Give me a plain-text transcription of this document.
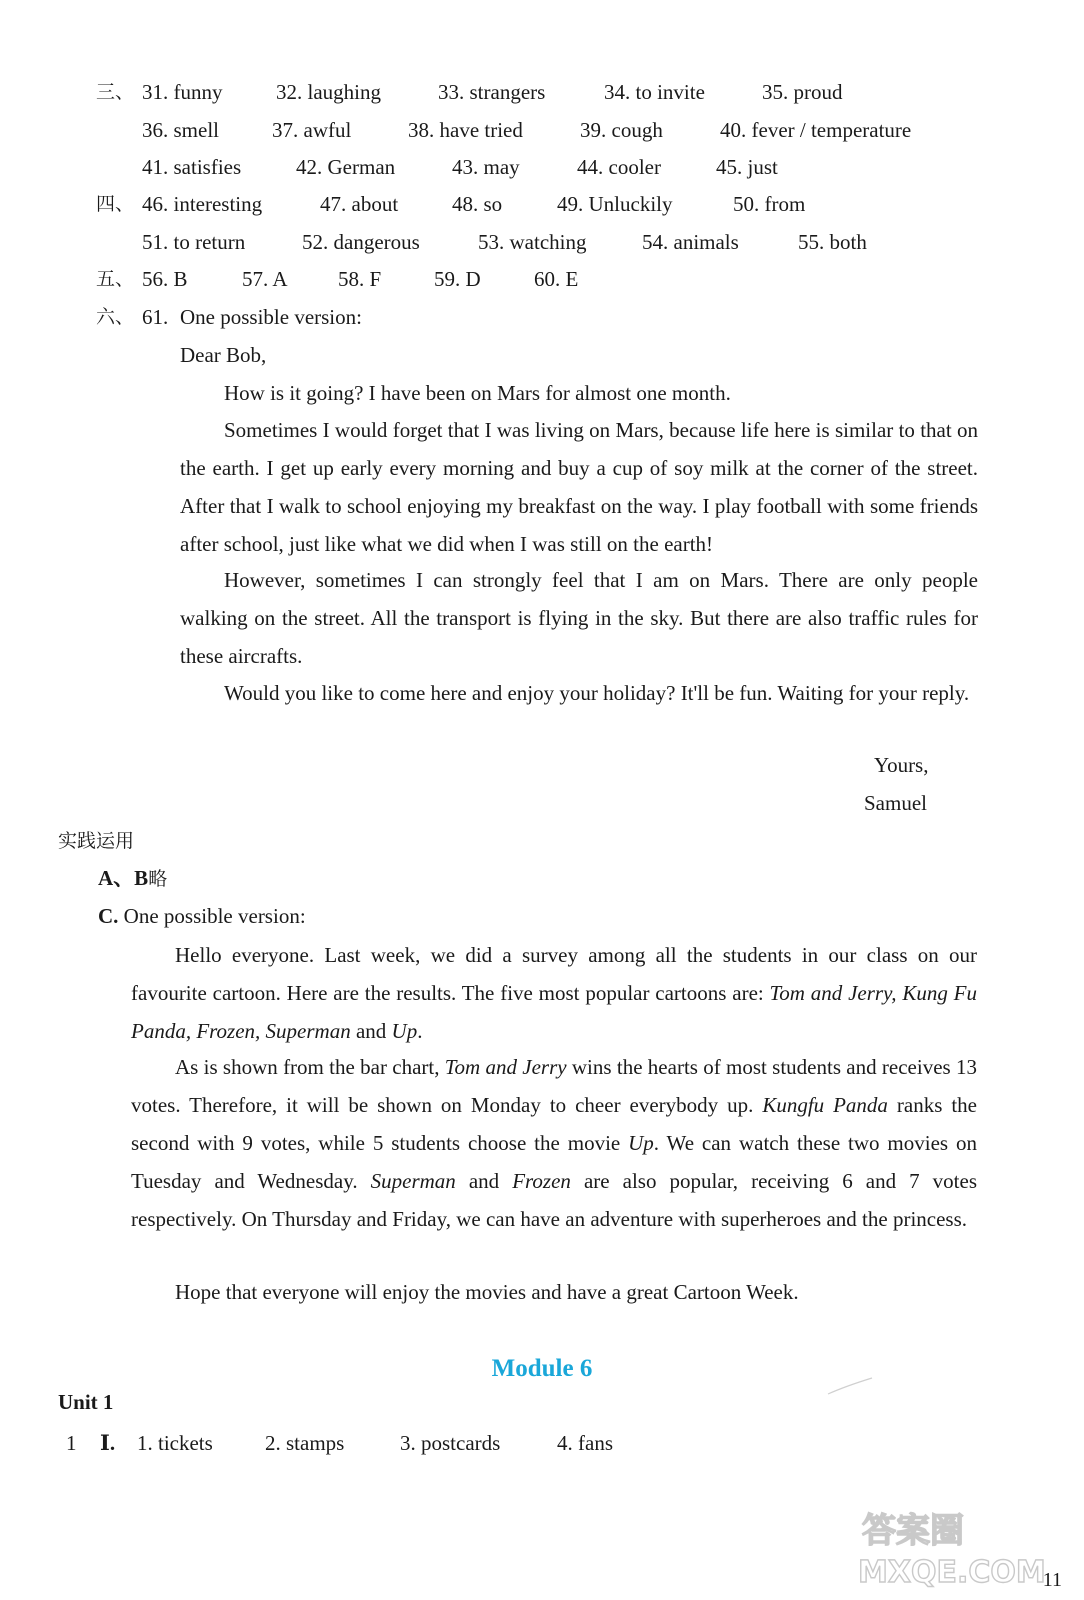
三、 31. funny	32. laughing	33. strangers	34. to invite	35. proud
36. smell	37. awful	38. have tried	39. cough	40. fever / temperature
41. satisfies	42. German	43. may	44. cooler	45. just
四、 46. interesting	47. about	48. so	49. Unluckily	50. from
51. to return	52. dangerous	53. watching	54. animals	55. both
五、 56. B	57. A 58. F	59. D	60. E
六、 61. One possible version:
Dear Bob,
How is it going? I have been on Mars for almost one month.
Sometimes I would forget that I was living on Mars, because life here is similar to that on the earth. I get up early every morning and buy a cup of soy milk at the corner of the street. After that I walk to school enjoying my breakfast on the way. I play football with some friends after school, just like what we did when I was still on the earth!
However, sometimes I can strongly feel that I am on Mars. There are only people walking on the street. All the transport is flying in the sky. But there are also traffic rules for these aircrafts.
Would you like to come here and enjoy your holiday? It'll be fun. Waiting for your reply.
Yours,
Samuel
实践运用
A、B略
C. One possible version:
Hello everyone. Last week, we did a survey among all the students in our class on our favourite cartoon. Here are the results. The five most popular cartoons are: Tom and Jerry, Kung Fu Panda, Frozen, Superman and Up.
As is shown from the bar chart, Tom and Jerry wins the hearts of most students and receives 13 votes. Therefore, it will be shown on Monday to cheer everybody up. Kungfu Panda ranks the second with 9 votes, while 5 students choose the movie Up. We can watch these two movies on Tuesday and Wednesday. Superman and Frozen are also popular, receiving 6 and 7 votes respectively. On Thursday and Friday, we can have an adventure with superheroes and the princess.
Hope that everyone will enjoy the movies and have a great Cartoon Week.
Module 6
Unit 1
1 Ⅰ. 1. tickets 2. stamps	3. postcards	4. fans
答案圈
MXQE.COM
11
